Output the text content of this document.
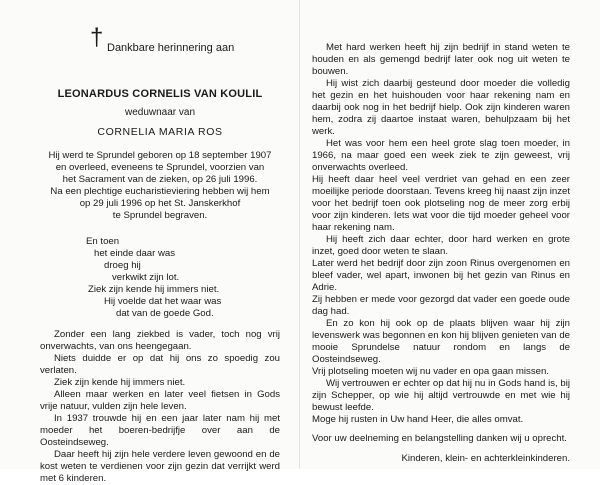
† Dankbare herinnering aan
LEONARDUS CORNELIS VAN KOULIL
weduwnaar van
CORNELIA MARIA ROS
Hij werd te Sprundel geboren op 18 september 1907
en overleed, eveneens te Sprundel, voorzien van
het Sacrament van de zieken, op 26 juli 1996.
Na een plechtige eucharistieviering hebben wij hem
op 29 juli 1996 op het St. Janskerkhof
te Sprundel begraven.
En toen
het einde daar was
droeg hij
verkwikt zijn lot.
Ziek zijn kende hij immers niet.
Hij voelde dat het waar was
dat van de goede God.
Zonder een lang ziekbed is vader, toch nog vrij onverwachts, van ons heengegaan.
Niets duidde er op dat hij ons zo spoedig zou verlaten.
Ziek zijn kende hij immers niet.
Alleen maar werken en later veel fietsen in Gods vrije natuur, vulden zijn hele leven.
In 1937 trouwde hij en een jaar later nam hij met moeder het boeren-bedrijfje over aan de Oosteindseweg.
Daar heeft hij zijn hele verdere leven gewoond en de kost weten te verdienen voor zijn gezin dat verrijkt werd met 6 kinderen.
Met hard werken heeft hij zijn bedrijf in stand weten te houden en als gemengd bedrijf later ook nog uit weten te bouwen.
Hij wist zich daarbij gesteund door moeder die volledig het gezin en het huishouden voor haar rekening nam en daarbij ook nog in het bedrijf hielp. Ook zijn kinderen waren hem, zodra zij daartoe instaat waren, behulpzaam bij het werk.
Het was voor hem een heel grote slag toen moeder, in 1966, na maar goed een week ziek te zijn geweest, vrij onverwachts overleed.
Hij heeft daar heel veel verdriet van gehad en een zeer moeilijke periode doorstaan. Tevens kreeg hij naast zijn inzet voor het bedrijf toen ook plotseling nog de meer zorg erbij voor zijn kinderen. Iets wat voor die tijd moeder geheel voor haar rekening nam.
Hij heeft zich daar echter, door hard werken en grote inzet, goed door weten te slaan.
Later werd het bedrijf door zijn zoon Rinus overgenomen en bleef vader, wel apart, inwonen bij het gezin van Rinus en Adrie.
Zij hebben er mede voor gezorgd dat vader een goede oude dag had.
En zo kon hij ook op de plaats blijven waar hij zijn levenswerk was begonnen en kon hij blijven genieten van de mooie Sprundelse natuur rondom en langs de Oosteindseweg.
Vrij plotseling moeten wij nu vader en opa gaan missen.
Wij vertrouwen er echter op dat hij nu in Gods hand is, bij zijn Schepper, op wie hij altijd vertrouwde en met wie hij bewust leefde.
Moge hij rusten in Uw hand Heer, die alles omvat.
Voor uw deelneming en belangstelling danken wij u oprecht.
Kinderen, klein- en achterkleinkinderen.
